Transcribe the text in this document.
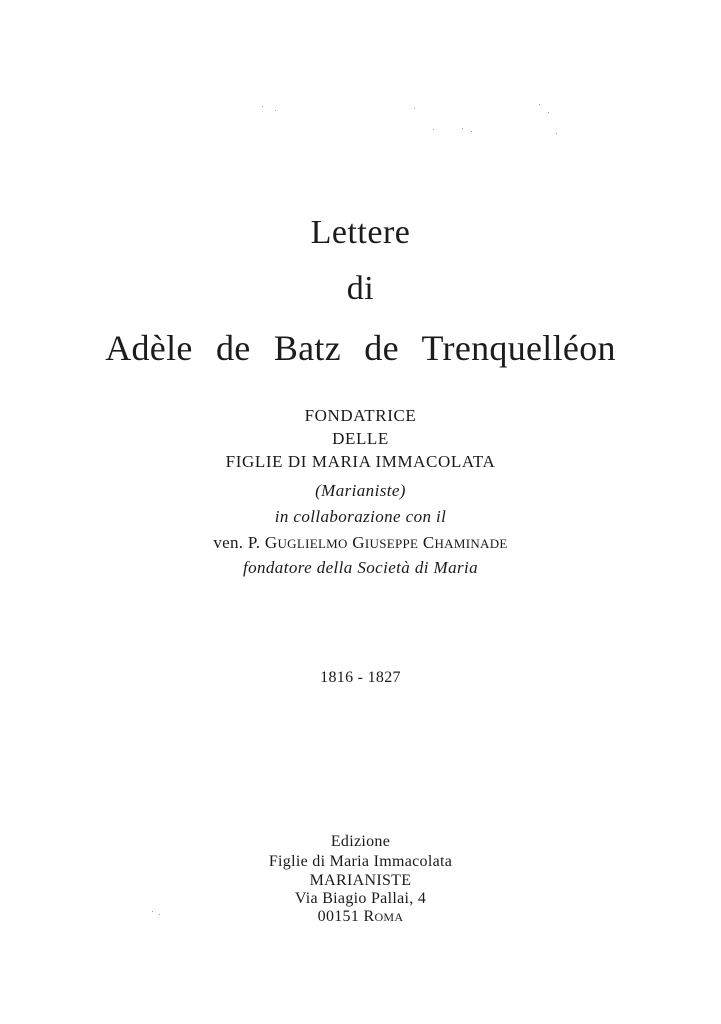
Lettere
di
Adèle de Batz de Trenquelléon
FONDATRICE
DELLE
FIGLIE DI MARIA IMMACOLATA
(Marianiste)
in collaborazione con il
ven. P. GUGLIELMO GIUSEPPE CHAMINADE
fondatore della Società di Maria
1816 - 1827
Edizione
Figlie di Maria Immacolata
MARIANISTE
Via Biagio Pallai, 4
00151 ROMA
